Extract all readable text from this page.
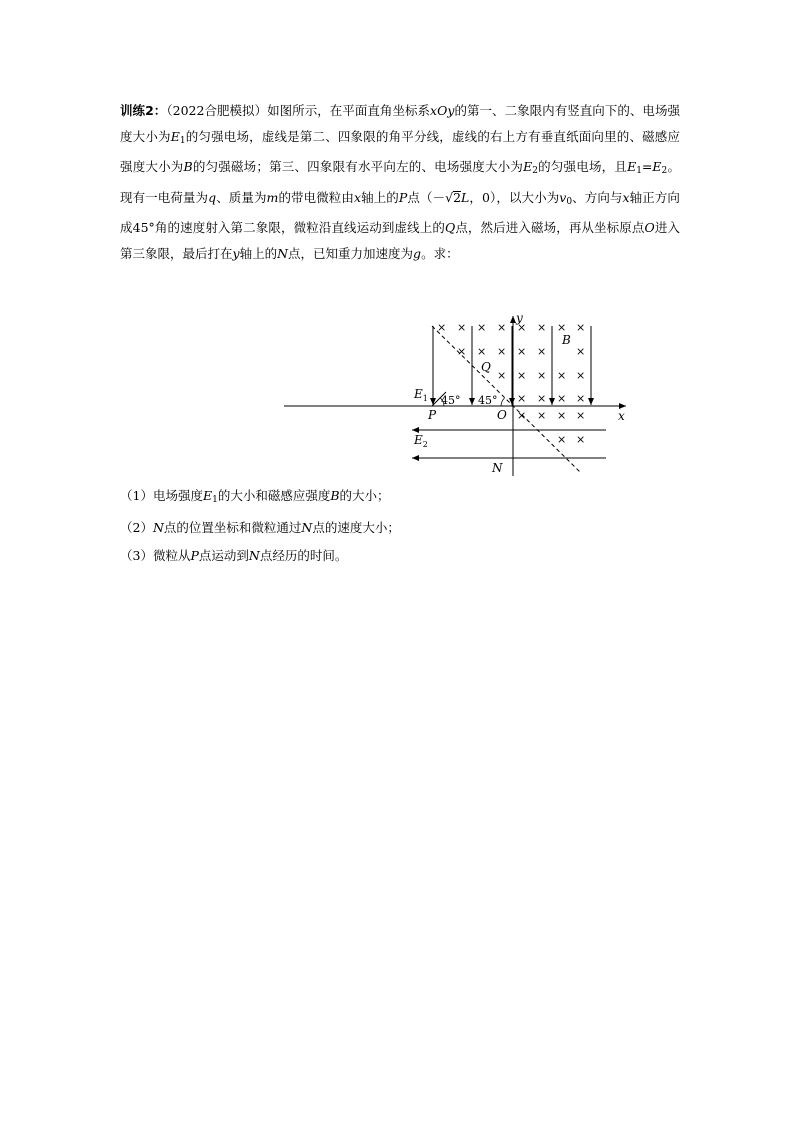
训练2：（2022合肥模拟）如图所示，在平面直角坐标系xOy的第一、二象限内有竖直向下的、电场强度大小为$E_1$的匀强电场，虚线是第二、四象限的角平分线，虚线的右上方有垂直纸面向里的、磁感应强度大小为B的匀强磁场；第三、四象限有水平向左的、电场强度大小为$E_2$的匀强电场，且$E_1=E_2$。现有一电荷量为q、质量为m的带电微粒由x轴上的P点（－√2L，0），以大小为$v_0$、方向与x轴正方向成45°角的速度射入第二象限，微粒沿直线运动到虚线上的Q点，然后进入磁场，再从坐标原点O进入第三象限，最后打在y轴上的N点，已知重力加速度为g。求：

× × × × × × × ×
× × × × ×	×
× × × × ×
× × × ×
× × × ×
× ×
y
x
O
P
Q
N
B
$E_1$
$E_2$
45° 45°
（1）电场强度$E_1$的大小和磁感应强度B的大小；
（2）N点的位置坐标和微粒通过N点的速度大小；
（3）微粒从P点运动到N点经历的时间。
